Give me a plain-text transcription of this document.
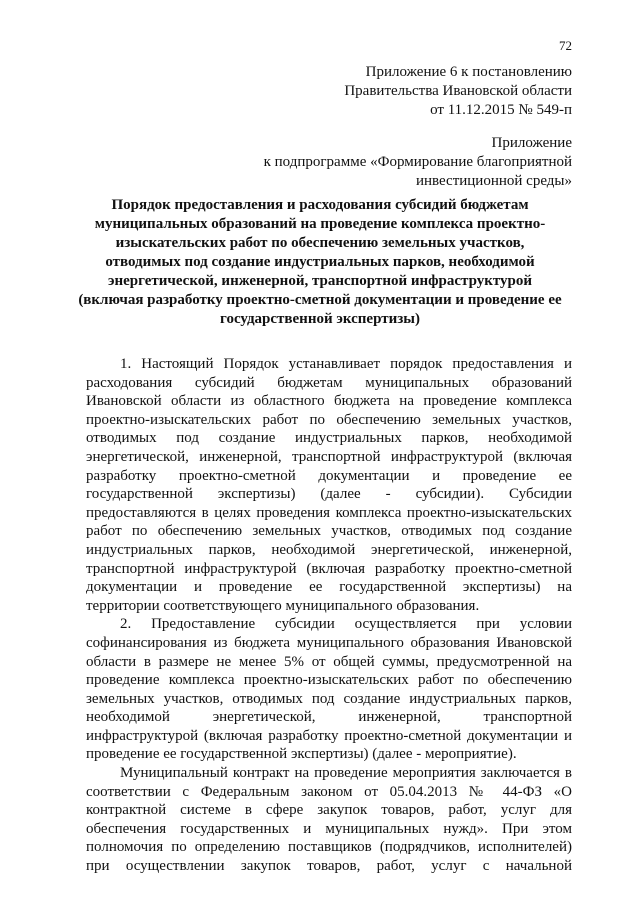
72
Приложение 6 к постановлению
Правительства Ивановской области
от 11.12.2015 № 549-п
Приложение
к подпрограмме «Формирование благоприятной
инвестиционной среды»
Порядок предоставления и расходования субсидий бюджетам
муниципальных образований на проведение комплекса проектно-
изыскательских работ по обеспечению земельных участков,
отводимых под создание индустриальных парков, необходимой
энергетической, инженерной, транспортной инфраструктурой
(включая разработку проектно-сметной документации и проведение ее
государственной экспертизы)
1. Настоящий Порядок устанавливает порядок предоставления и
расходования субсидий бюджетам муниципальных образований
Ивановской области из областного бюджета на проведение комплекса
проектно-изыскательских работ по обеспечению земельных участков,
отводимых под создание индустриальных парков, необходимой
энергетической, инженерной, транспортной инфраструктурой (включая
разработку проектно-сметной документации и проведение ее
государственной экспертизы) (далее - субсидии). Субсидии
предоставляются в целях проведения комплекса проектно-изыскательских
работ по обеспечению земельных участков, отводимых под создание
индустриальных парков, необходимой энергетической, инженерной,
транспортной инфраструктурой (включая разработку проектно-сметной
документации и проведение ее государственной экспертизы) на
территории соответствующего муниципального образования.
2. Предоставление субсидии осуществляется при условии
софинансирования из бюджета муниципального образования Ивановской
области в размере не менее 5% от общей суммы, предусмотренной на
проведение комплекса проектно-изыскательских работ по обеспечению
земельных участков, отводимых под создание индустриальных парков,
необходимой энергетической, инженерной, транспортной
инфраструктурой (включая разработку проектно-сметной документации и
проведение ее государственной экспертизы) (далее - мероприятие).
Муниципальный контракт на проведение мероприятия заключается в
соответствии с Федеральным законом от 05.04.2013 № 44-ФЗ «О
контрактной системе в сфере закупок товаров, работ, услуг для
обеспечения государственных и муниципальных нужд». При этом
полномочия по определению поставщиков (подрядчиков, исполнителей)
при осуществлении закупок товаров, работ, услуг с начальной
